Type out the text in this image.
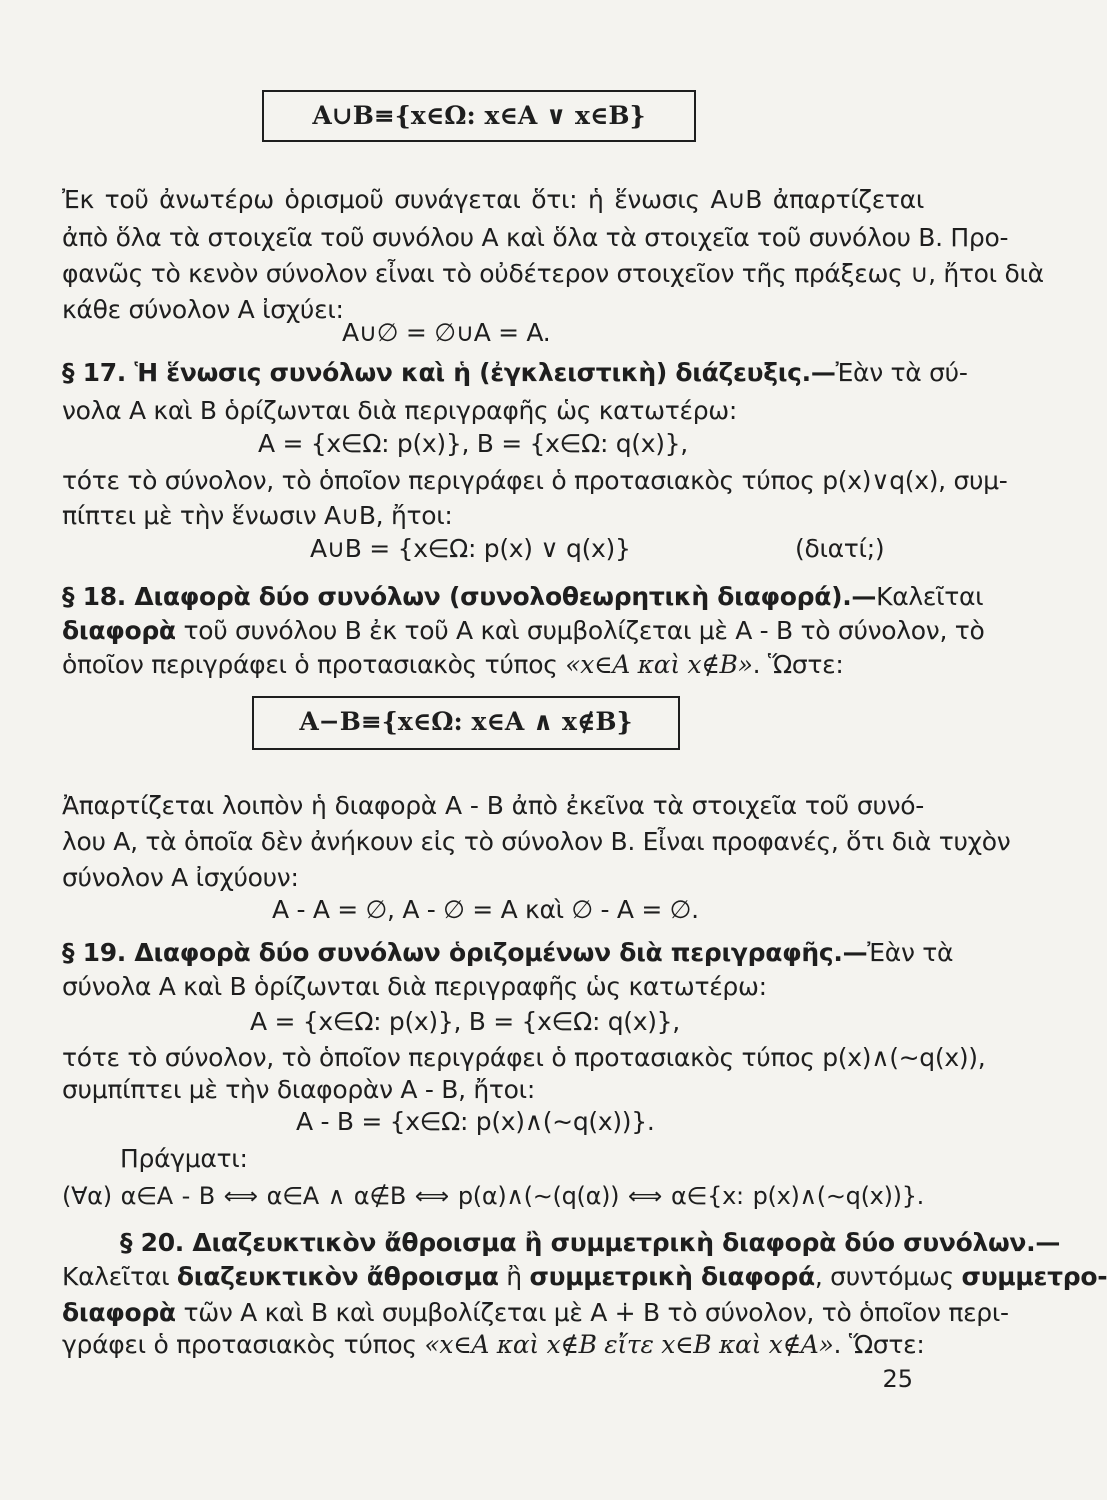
A∪B≡{x∈Ω: x∈A ∨ x∈B}
Ἐκ τοῦ ἀνωτέρω ὁρισμοῦ συνάγεται ὅτι: ἡ ἕνωσις A∪B ἀπαρτίζεται
ἀπὸ ὅλα τὰ στοιχεῖα τοῦ συνόλου A καὶ ὅλα τὰ στοιχεῖα τοῦ συνόλου B. Προ-
φανῶς τὸ κενὸν σύνολον εἶναι τὸ οὐδέτερον στοιχεῖον τῆς πράξεως ∪, ἤτοι διὰ
κάθε σύνολον A ἰσχύει:
A∪∅ = ∅∪A = A.
§ 17. Ἡ ἕνωσις συνόλων καὶ ἡ (ἐγκλειστικὴ) διάζευξις.—Ἐὰν τὰ σύ-
νολα A καὶ B ὁρίζωνται διὰ περιγραφῆς ὡς κατωτέρω:
A = {x∈Ω: p(x)}, B = {x∈Ω: q(x)},
τότε τὸ σύνολον, τὸ ὁποῖον περιγράφει ὁ προτασιακὸς τύπος p(x)∨q(x), συμ-
πίπτει μὲ τὴν ἕνωσιν A∪B, ἤτοι:
A∪B = {x∈Ω: p(x) ∨ q(x)}	(διατί;)
§ 18. Διαφορὰ δύο συνόλων (συνολοθεωρητικὴ διαφορά).—Καλεῖται
διαφορὰ τοῦ συνόλου B ἐκ τοῦ A καὶ συμβολίζεται μὲ A - B τὸ σύνολον, τὸ
ὁποῖον περιγράφει ὁ προτασιακὸς τύπος «x∈A καὶ x∉B». Ὥστε:
A−B≡{x∈Ω: x∈A ∧ x∉B}
Ἀπαρτίζεται λοιπὸν ἡ διαφορὰ A - B ἀπὸ ἐκεῖνα τὰ στοιχεῖα τοῦ συνό-
λου A, τὰ ὁποῖα δὲν ἀνήκουν εἰς τὸ σύνολον B. Εἶναι προφανές, ὅτι διὰ τυχὸν
σύνολον A ἰσχύουν:
A - A = ∅, A - ∅ = A καὶ ∅ - A = ∅.
§ 19. Διαφορὰ δύο συνόλων ὁριζομένων διὰ περιγραφῆς.—Ἐὰν τὰ
σύνολα A καὶ B ὁρίζωνται διὰ περιγραφῆς ὡς κατωτέρω:
A = {x∈Ω: p(x)}, B = {x∈Ω: q(x)},
τότε τὸ σύνολον, τὸ ὁποῖον περιγράφει ὁ προτασιακὸς τύπος p(x)∧(∼q(x)),
συμπίπτει μὲ τὴν διαφορὰν A - B, ἤτοι:
A - B = {x∈Ω: p(x)∧(∼q(x))}.
Πράγματι:
(∀α) α∈A - B ⟺ α∈A ∧ α∉B ⟺ p(α)∧(∼(q(α)) ⟺ α∈{x: p(x)∧(∼q(x))}.
§ 20. Διαζευκτικὸν ἄθροισμα ἢ συμμετρικὴ διαφορὰ δύο συνόλων.—
Καλεῖται διαζευκτικὸν ἄθροισμα ἢ συμμετρικὴ διαφορά, συντόμως συμμετρο-
διαφορὰ τῶν A καὶ B καὶ συμβολίζεται μὲ A ∔ B τὸ σύνολον, τὸ ὁποῖον περι-
γράφει ὁ προτασιακὸς τύπος «x∈A καὶ x∉B εἴτε x∈B καὶ x∉A». Ὥστε:
25
